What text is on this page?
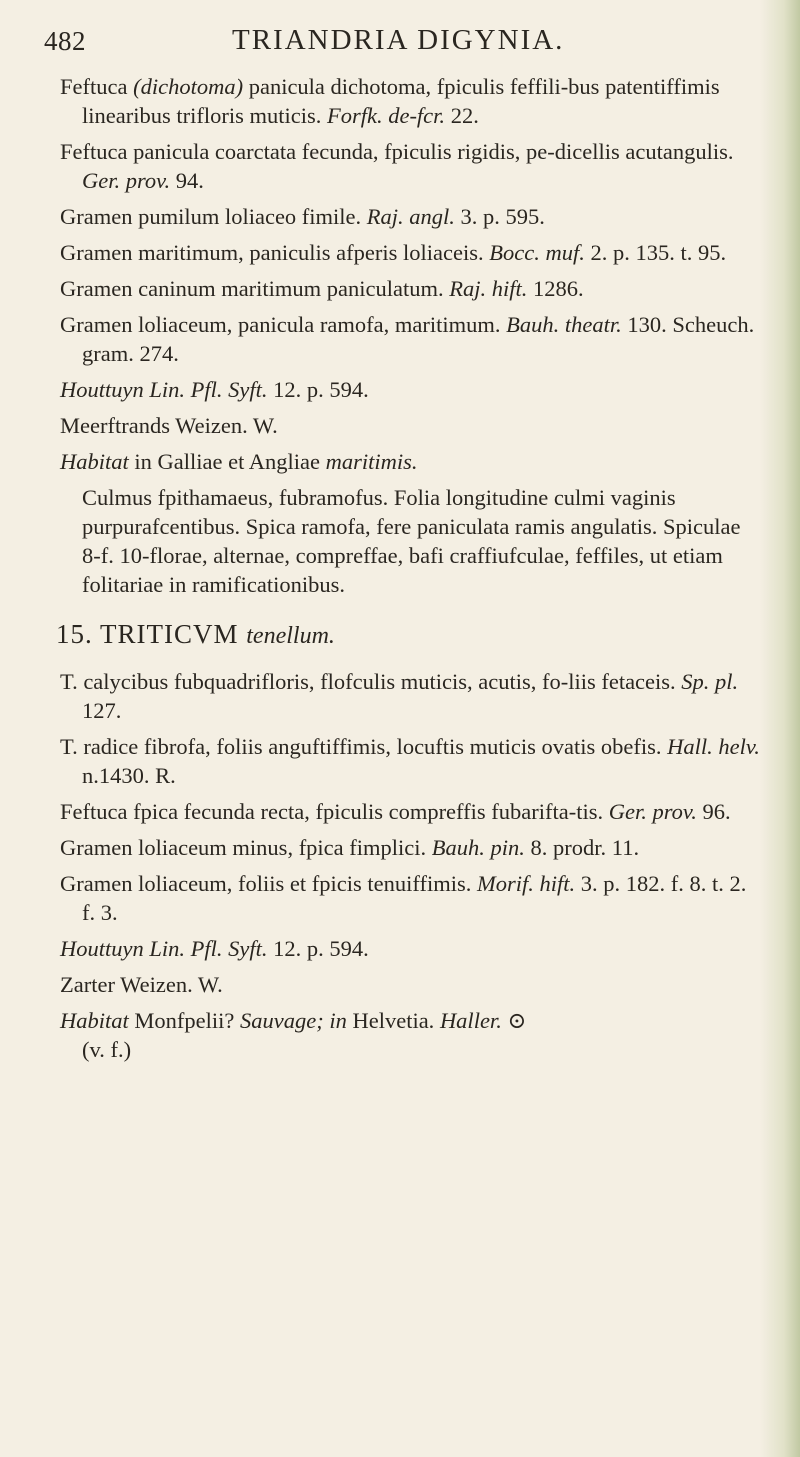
482	TRIANDRIA DIGYNIA.

Feftuca (dichotoma) panicula dichotoma, fpiculis feffili-bus patentiffimis linearibus trifloris muticis. Forfk. de-fcr. 22.

Feftuca panicula coarctata fecunda, fpiculis rigidis, pe-dicellis acutangulis. Ger. prov. 94.

Gramen pumilum loliaceo fimile. Raj. angl. 3. p. 595.

Gramen maritimum, paniculis afperis loliaceis. Bocc. muf. 2. p. 135. t. 95.

Gramen caninum maritimum paniculatum. Raj. hift. 1286.

Gramen loliaceum, panicula ramofa, maritimum. Bauh. theatr. 130. Scheuch. gram. 274.

Houttuyn Lin. Pfl. Syft. 12. p. 594.

Meerftrands Weizen. W.

Habitat in Galliae et Angliae maritimis.

Culmus fpithamaeus, fubramofus. Folia longitudine culmi vaginis purpurafcentibus. Spica ramofa, fere paniculata ramis angulatis. Spiculae 8-f. 10-florae, alternae, compreffae, bafi craffiufculae, feffiles, ut etiam folitariae in ramificationibus.

15. TRITICVM tenellum.

T. calycibus fubquadrifloris, flofculis muticis, acutis, fo-liis fetaceis. Sp. pl. 127.

T. radice fibrofa, foliis anguftiffimis, locuftis muticis ovatis obefis. Hall. helv. n.1430. R.

Feftuca fpica fecunda recta, fpiculis compreffis fubarifta-tis. Ger. prov. 96.

Gramen loliaceum minus, fpica fimplici. Bauh. pin. 8. prodr. 11.

Gramen loliaceum, foliis et fpicis tenuiffimis. Morif. hift. 3. p. 182. f. 8. t. 2. f. 3.

Houttuyn Lin. Pfl. Syft. 12. p. 594.

Zarter Weizen. W.

Habitat Monfpelii? Sauvage; in Helvetia. Haller. ⊙
(v. f.)
